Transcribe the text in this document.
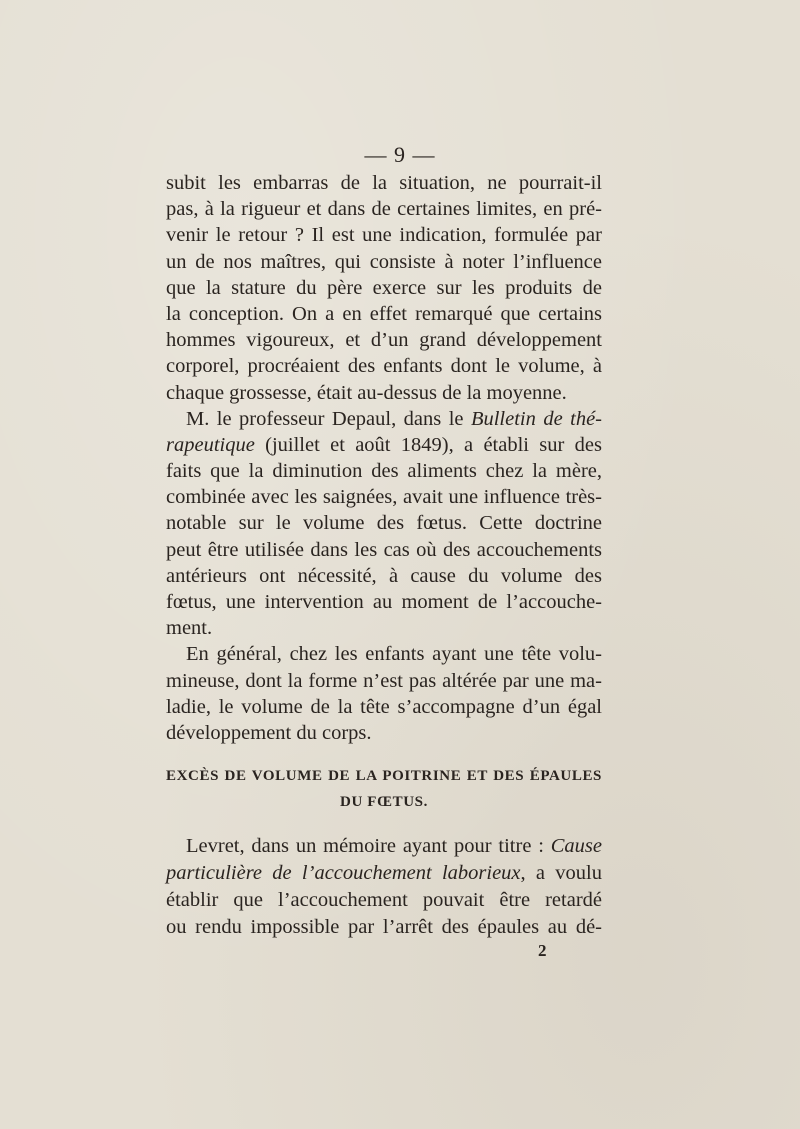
— 9 —
subit les embarras de la situation, ne pourrait-il
pas, à la rigueur et dans de certaines limites, en pré-
venir le retour ? Il est une indication, formulée par
un de nos maîtres, qui consiste à noter l’influence
que la stature du père exerce sur les produits de
la conception. On a en effet remarqué que certains
hommes vigoureux, et d’un grand développement
corporel, procréaient des enfants dont le volume, à
chaque grossesse, était au-dessus de la moyenne.
M. le professeur Depaul, dans le Bulletin de thé-
rapeutique (juillet et août 1849), a établi sur des
faits que la diminution des aliments chez la mère,
combinée avec les saignées, avait une influence très-
notable sur le volume des fœtus. Cette doctrine
peut être utilisée dans les cas où des accouchements
antérieurs ont nécessité, à cause du volume des
fœtus, une intervention au moment de l’accouche-
ment.
En général, chez les enfants ayant une tête volu-
mineuse, dont la forme n’est pas altérée par une ma-
ladie, le volume de la tête s’accompagne d’un égal
développement du corps.
EXCÈS DE VOLUME DE LA POITRINE ET DES ÉPAULES
DU FŒTUS.
Levret, dans un mémoire ayant pour titre : Cause
particulière de l’accouchement laborieux, a voulu
établir que l’accouchement pouvait être retardé
ou rendu impossible par l’arrêt des épaules au dé-
2
